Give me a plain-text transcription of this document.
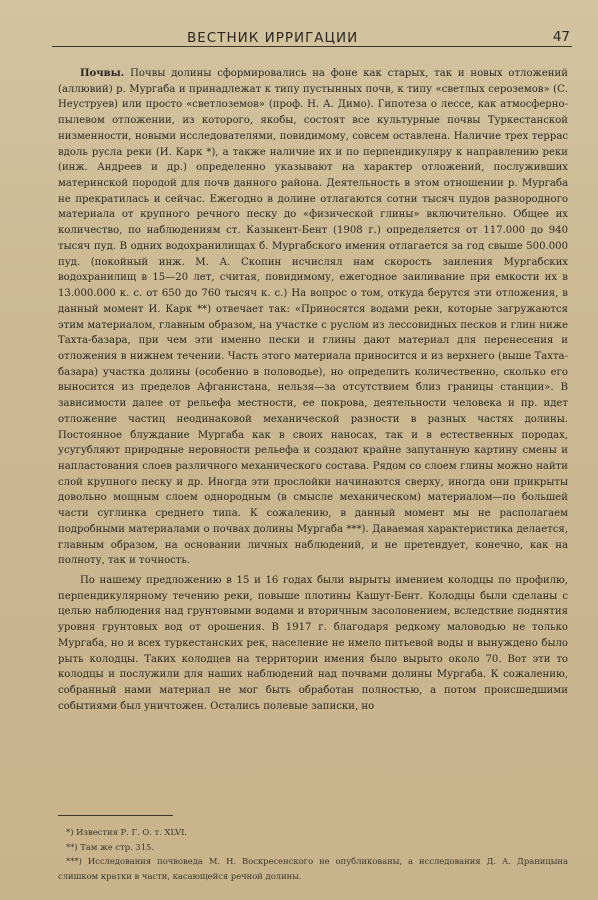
ВЕСТНИК ИРРИГАЦИИ	47

Почвы. Почвы долины сформировались на фоне как старых, так и новых отложений (аллювий) р. Мургаба и принадлежат к типу пустынных почв, к типу «светлых сероземов» (С. Неуструев) или просто «светлоземов» (проф. Н. А. Димо). Гипотеза о лессе, как атмосферно-пылевом отложении, из которого, якобы, состоят все культурные почвы Туркестанской низменности, новыми исследователями, повидимому, совсем оставлена. Наличие трех террас вдоль русла реки (И. Карк *), а также наличие их и по перпендикуляру к направлению реки (инж. Андреев и др.) определенно указывают на характер отложений, послуживших материнской породой для почв данного района. Деятельность в этом отношении р. Мургаба не прекратилась и сейчас. Ежегодно в долине отлагаются сотни тысяч пудов разнородного материала от крупного речного песку до «физической глины» включительно. Общее их количество, по наблюдениям ст. Казыкент-Бент (1908 г.) определяется от 117.000 до 940 тысяч пуд. В одних водохранилищах б. Мургабского имения отлагается за год свыше 500.000 пуд. (покойный инж. М. А. Скопин исчислял нам скорость заиления Мургабских водохранилищ в 15—20 лет, считая, повидимому, ежегодное заиливание при емкости их в 13.000.000 к. с. от 650 до 760 тысяч к. с.) На вопрос о том, откуда берутся эти отложения, в данный момент И. Карк **) отвечает так: «Приносятся водами реки, которые загружаются этим материалом, главным образом, на участке с руслом из лессовидных песков и глин ниже Тахта-базара, при чем эти именно пески и глины дают материал для перенесения и отложения в нижнем течении. Часть этого материала приносится и из верхнего (выше Тахта-базара) участка долины (особенно в половодье), но определить количественно, сколько его выносится из пределов Афганистана, нельзя—за отсутствием близ границы станции». В зависимости далее от рельефа местности, ее покрова, деятельности человека и пр. идет отложение частиц неодинаковой механической разности в разных частях долины. Постоянное блуждание Мургаба как в своих наносах, так и в естественных породах, усугубляют природные неровности рельефа и создают крайне запутанную картину смены и напластования слоев различного механического состава. Рядом со слоем глины можно найти слой крупного песку и др. Иногда эти прослойки начинаются сверху, иногда они прикрыты довольно мощным слоем однородным (в смысле механическом) материалом—по большей части суглинка среднего типа. К сожалению, в данный момент мы не располагаем подробными материалами о почвах долины Мургаба ***). Даваемая характеристика делается, главным образом, на основании личных наблюдений, и не претендует, конечно, как на полноту, так и точность.

По нашему предложению в 15 и 16 годах были вырыты имением колодцы по профилю, перпендикулярному течению реки, повыше плотины Кашут-Бент. Колодцы были сделаны с целью наблюдения над грунтовыми водами и вторичным засолонением, вследствие поднятия уровня грунтовых вод от орошения. В 1917 г. благодаря редкому маловодью не только Мургаба, но и всех туркестанских рек, население не имело питьевой воды и вынуждено было рыть колодцы. Таких колодцев на территории имения было вырыто около 70. Вот эти то колодцы и послужили для наших наблюдений над почвами долины Мургаба. К сожалению, собранный нами материал не мог быть обработан полностью, а потом происшедшими событиями был уничтожен. Остались полевые записки, но

*) Известия Р. Г. О. т. XLVI.
**) Там же стр. 315.
***) Исследования почвоведа М. Н. Воскресенского не опубликованы, а исследования Д. А. Драницына слишком кратки в части, касающейся речной долины.
